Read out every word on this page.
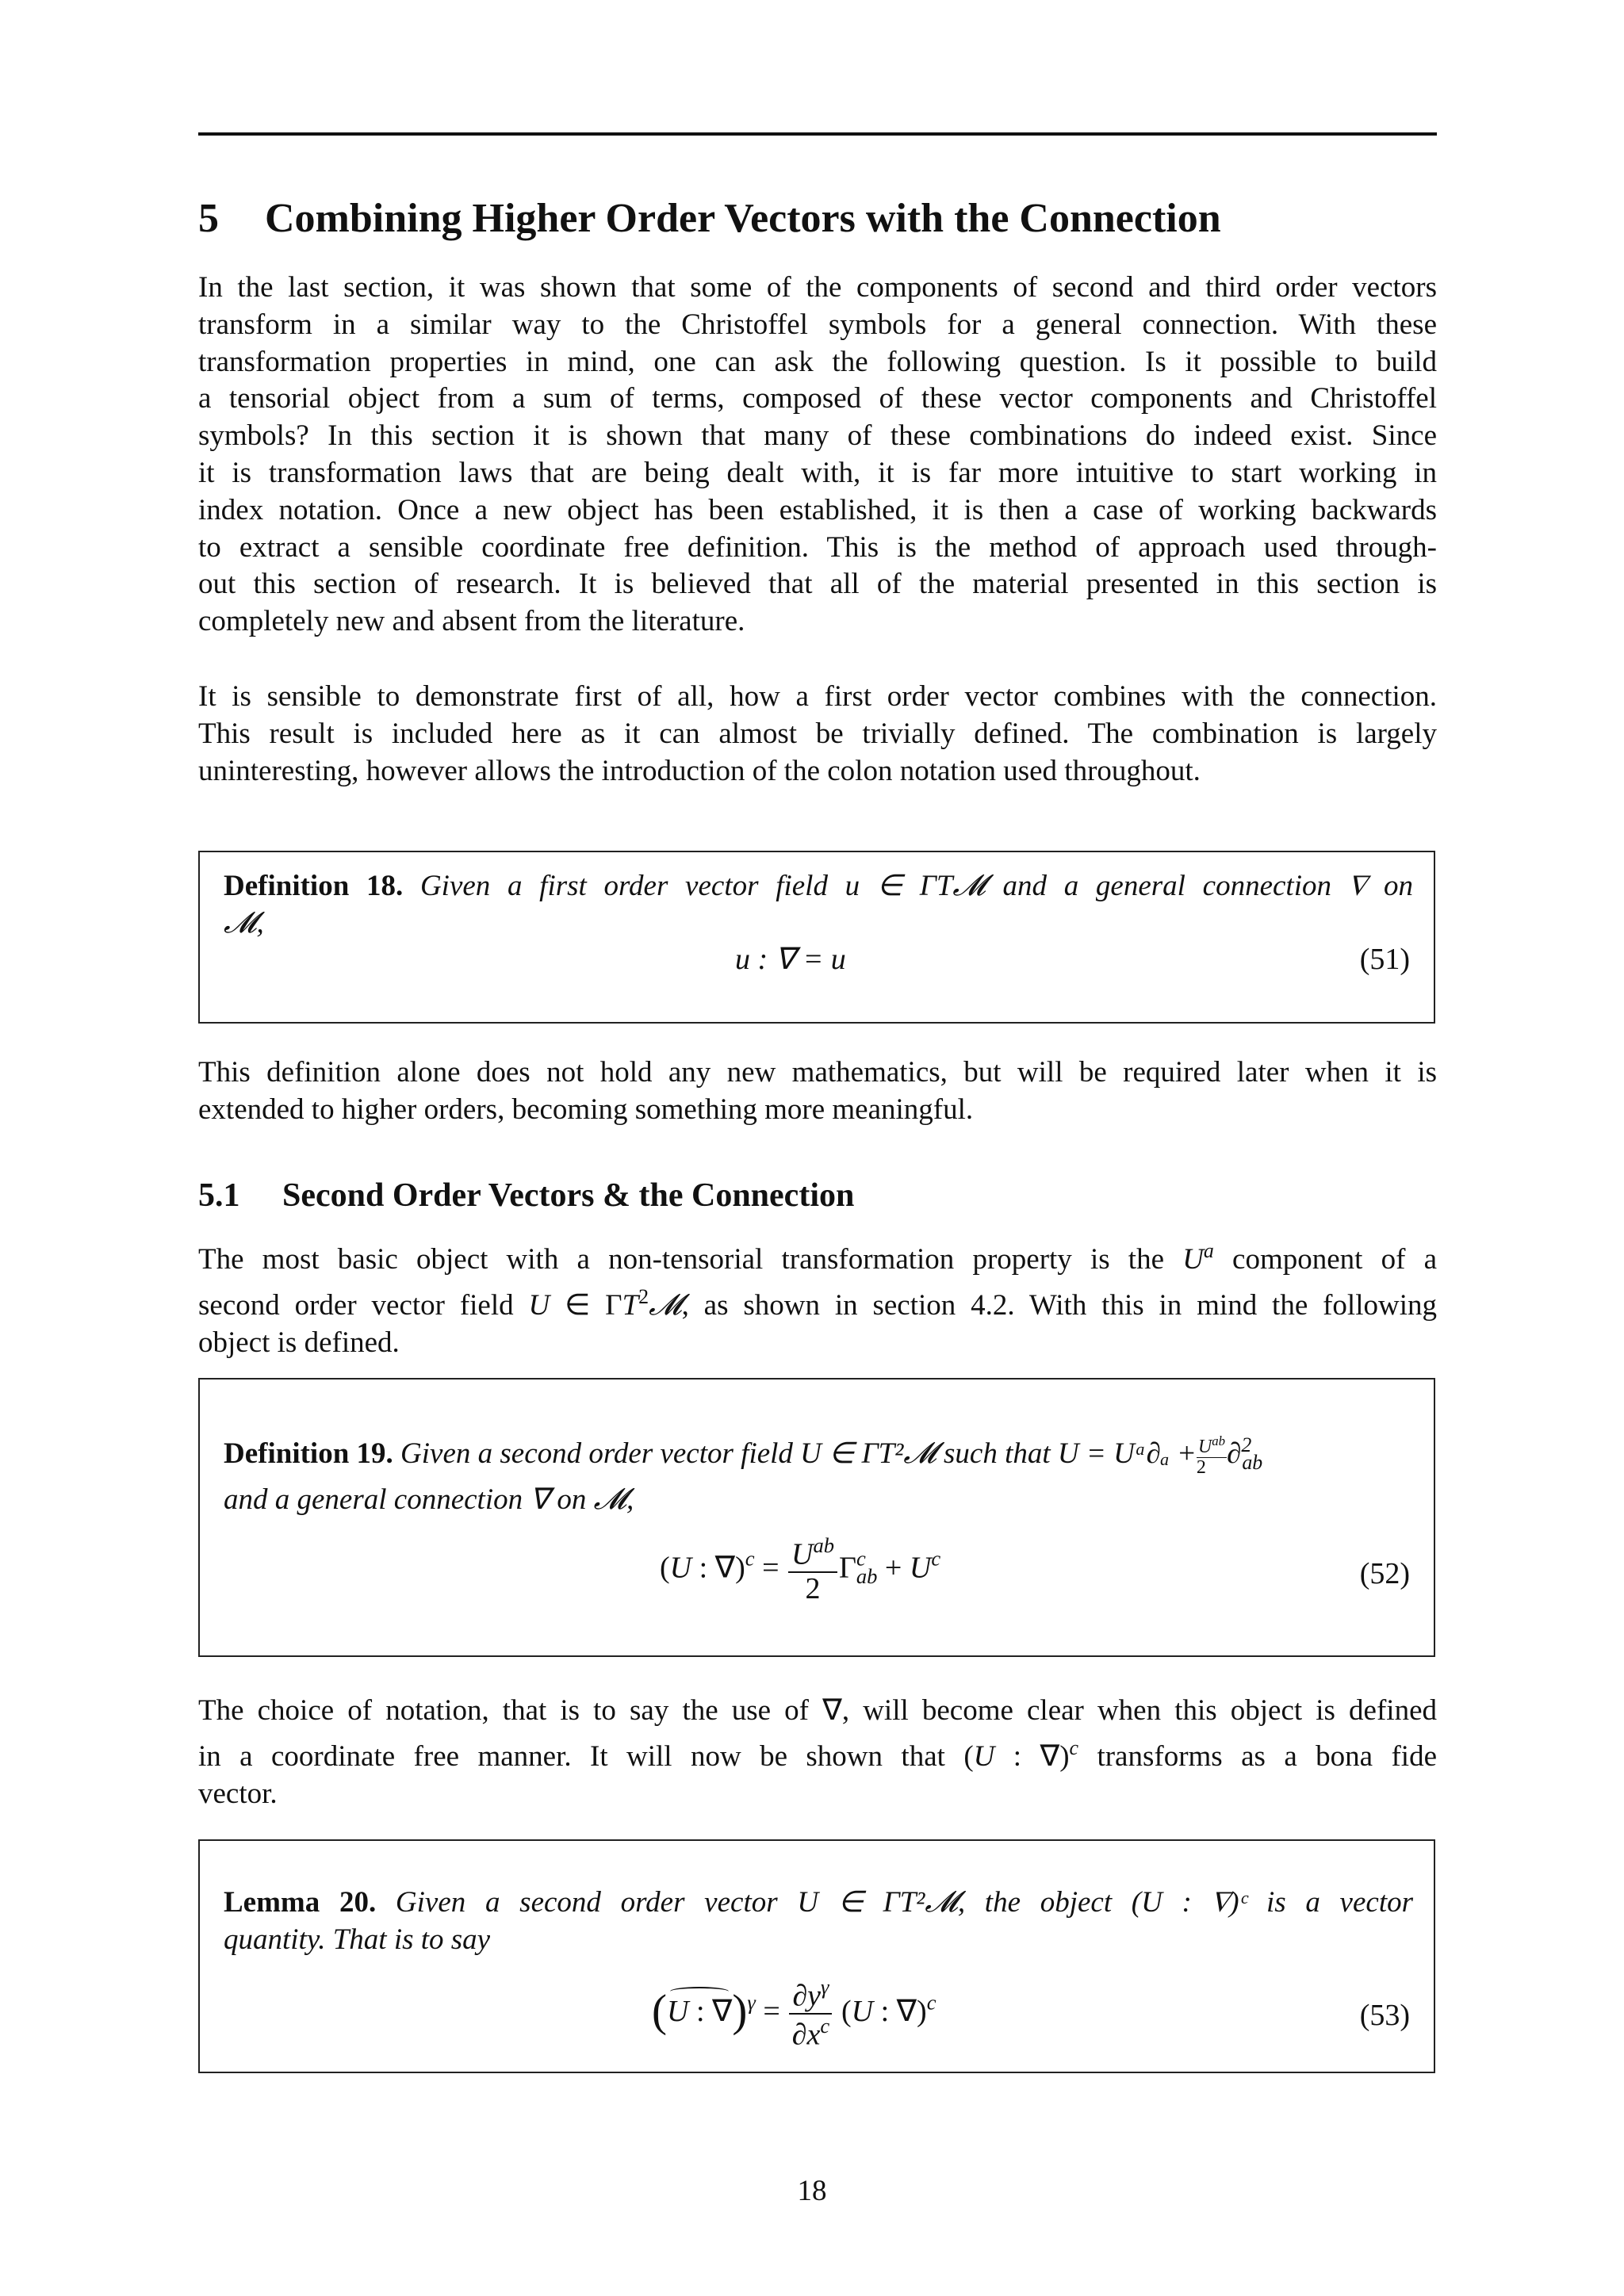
5 Combining Higher Order Vectors with the Connection
In the last section, it was shown that some of the components of second and third order vectors
transform in a similar way to the Christoffel symbols for a general connection. With these
transformation properties in mind, one can ask the following question. Is it possible to build
a tensorial object from a sum of terms, composed of these vector components and Christoffel
symbols? In this section it is shown that many of these combinations do indeed exist. Since
it is transformation laws that are being dealt with, it is far more intuitive to start working in
index notation. Once a new object has been established, it is then a case of working backwards
to extract a sensible coordinate free definition. This is the method of approach used through-
out this section of research. It is believed that all of the material presented in this section is
completely new and absent from the literature.
It is sensible to demonstrate first of all, how a first order vector combines with the connection.
This result is included here as it can almost be trivially defined. The combination is largely
uninteresting, however allows the introduction of the colon notation used throughout.
Definition 18. Given a first order vector field u ∈ ΓT𝓜 and a general connection ∇ on
𝓜,
u : ∇ = u	(51)
This definition alone does not hold any new mathematics, but will be required later when it is
extended to higher orders, becoming something more meaningful.
5.1 Second Order Vectors & the Connection
The most basic object with a non-tensorial transformation property is the $U^a$ component of a
second order vector field U ∈ $\Gamma T^2𝓜$, as shown in section 4.2. With this in mind the following
object is defined.
Definition 19. Given a second order vector field U ∈ ΓT²𝓜 such that U = Uᵃ∂ₐ + $\frac{U^{ab}}{2} \partial^2_{ab}$
and a general connection ∇ on 𝓜,
(U : $\nabla)^c = \frac{U^{ab}}{2} \Gamma^c_{ab} + U^c$	(52)
The choice of notation, that is to say the use of ∇, will become clear when this object is defined
in a coordinate free manner. It will now be shown that (U : ∇)$^c$ transforms as a bona fide
vector.
Lemma 20. Given a second order vector U ∈ ΓT²𝓜, the object (U : ∇)ᶜ is a vector
quantity. That is to say
(U : $\nabla)^\gamma = \frac{\partial y^\gamma}{\partial x^c} (U$ : ∇)$^c$	(53)
18
